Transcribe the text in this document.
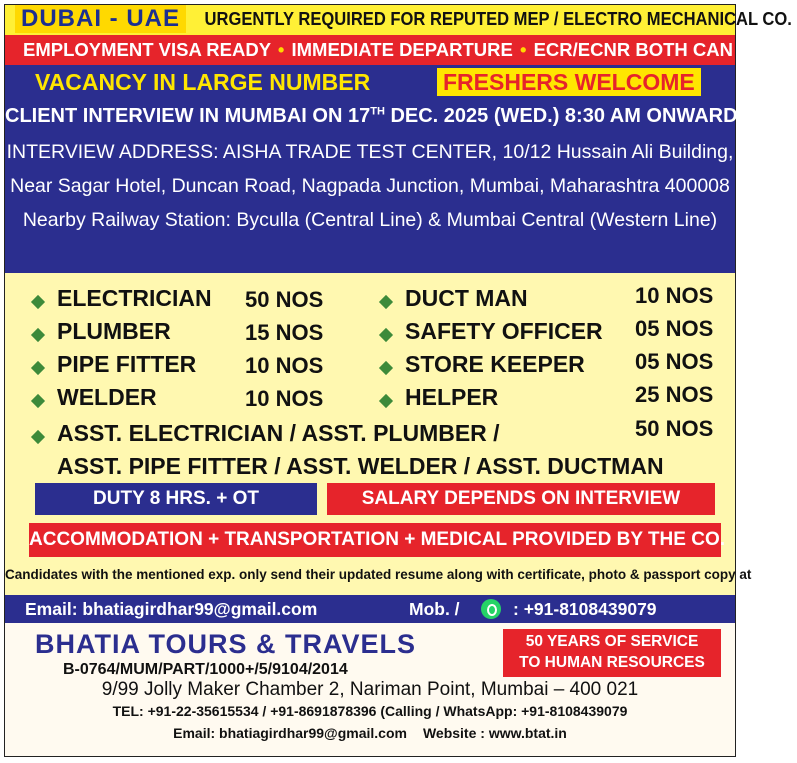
DUBAI - UAE	URGENTLY REQUIRED FOR REPUTED MEP / ELECTRO MECHANICAL CO.
EMPLOYMENT VISA READY • IMMEDIATE DEPARTURE • ECR/ECNR BOTH CAN APPLY
VACANCY IN LARGE NUMBER	FRESHERS WELCOME
CLIENT INTERVIEW IN MUMBAI ON 17TH DEC. 2025 (WED.) 8:30 AM ONWARDS
INTERVIEW ADDRESS: AISHA TRADE TEST CENTER, 10/12 Hussain Ali Building,
Near Sagar Hotel, Duncan Road, Nagpada Junction, Mumbai, Maharashtra 400008
Nearby Railway Station: Byculla (Central Line) & Mumbai Central (Western Line)
ELECTRICIAN 50 NOS
PLUMBER	15 NOS
PIPE FITTER 10 NOS
WELDER	10 NOS
DUCT MAN	10 NOS
SAFETY OFFICER 05 NOS
STORE KEEPER 05 NOS
HELPER	25 NOS
ASST. ELECTRICIAN / ASST. PLUMBER /	50 NOS
ASST. PIPE FITTER / ASST. WELDER / ASST. DUCTMAN
DUTY 8 HRS. + OT	SALARY DEPENDS ON INTERVIEW
ACCOMMODATION + TRANSPORTATION + MEDICAL PROVIDED BY THE CO.
Candidates with the mentioned exp. only send their updated resume along with certificate, photo & passport copy at
Email: bhatiagirdhar99@gmail.com	Mob. /	: +91-8108439079
BHATIA TOURS & TRAVELS
B-0764/MUM/PART/1000+/5/9104/2014
50 YEARS OF SERVICE
TO HUMAN RESOURCES
9/99 Jolly Maker Chamber 2, Nariman Point, Mumbai – 400 021
TEL: +91-22-35615534 / +91-8691878396 (Calling / WhatsApp: +91-8108439079
Email: bhatiagirdhar99@gmail.com Website : www.btat.in
